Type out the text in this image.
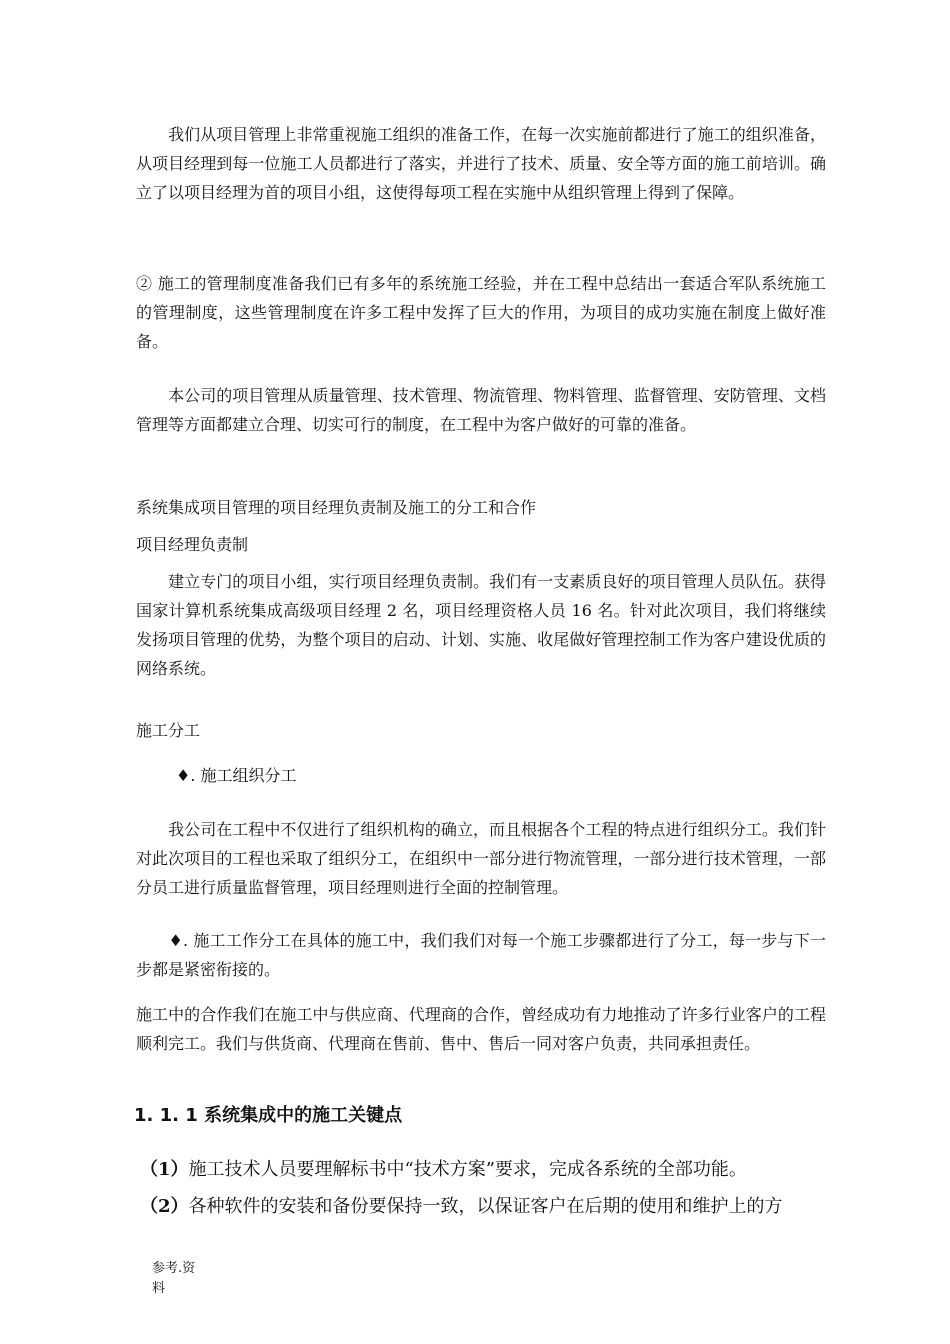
　　我们从项目管理上非常重视施工组织的准备工作，在每一次实施前都进行了施工的组织准备，从项目经理到每一位施工人员都进行了落实，并进行了技术、质量、安全等方面的施工前培训。确立了以项目经理为首的项目小组，这使得每项工程在实施中从组织管理上得到了保障。

② 施工的管理制度准备我们已有多年的系统施工经验，并在工程中总结出一套适合军队系统施工的管理制度，这些管理制度在许多工程中发挥了巨大的作用，为项目的成功实施在制度上做好准备。

　　本公司的项目管理从质量管理、技术管理、物流管理、物料管理、监督管理、安防管理、文档管理等方面都建立合理、切实可行的制度，在工程中为客户做好的可靠的准备。

系统集成项目管理的项目经理负责制及施工的分工和合作

项目经理负责制

　　建立专门的项目小组，实行项目经理负责制。我们有一支素质良好的项目管理人员队伍。获得国家计算机系统集成高级项目经理 2 名，项目经理资格人员 16 名。针对此次项目，我们将继续发扬项目管理的优势，为整个项目的启动、计划、实施、收尾做好管理控制工作为客户建设优质的网络系统。

施工分工

♦. 施工组织分工

　　我公司在工程中不仅进行了组织机构的确立，而且根据各个工程的特点进行组织分工。我们针对此次项目的工程也采取了组织分工，在组织中一部分进行物流管理，一部分进行技术管理，一部分员工进行质量监督管理，项目经理则进行全面的控制管理。

　　♦. 施工工作分工在具体的施工中，我们我们对每一个施工步骤都进行了分工，每一步与下一步都是紧密衔接的。

施工中的合作我们在施工中与供应商、代理商的合作，曾经成功有力地推动了许多行业客户的工程顺利完工。我们与供货商、代理商在售前、售中、售后一同对客户负责，共同承担责任。

1. 1. 1 系统集成中的施工关键点
（1）施工技术人员要理解标书中“技术方案”要求，完成各系统的全部功能。
（2）各种软件的安装和备份要保持一致，以保证客户在后期的使用和维护上的方
参考.资
料
